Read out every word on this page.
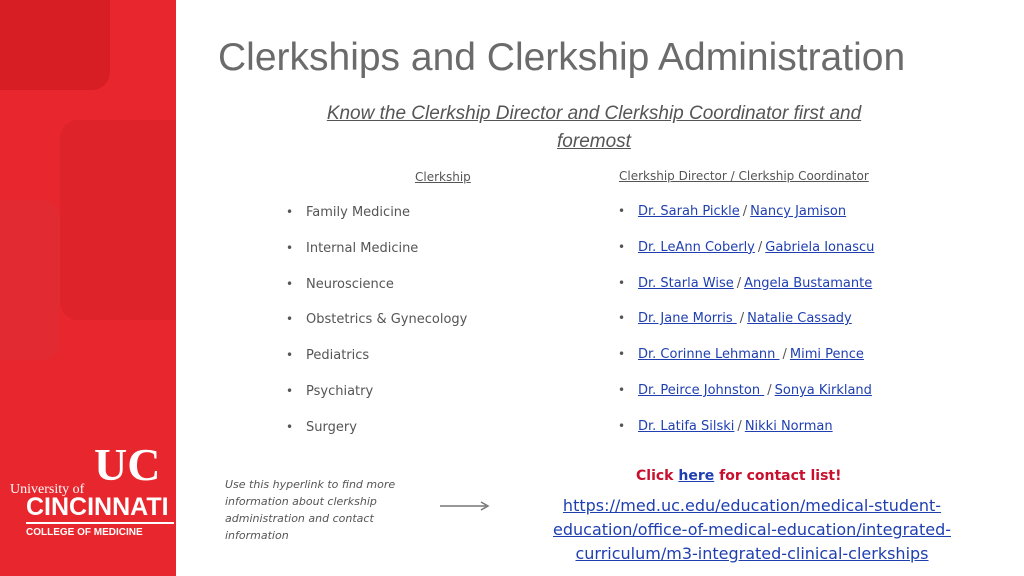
UC
University of
CINCINNATI
COLLEGE OF MEDICINE
Clerkships and Clerkship Administration
Know the Clerkship Director and Clerkship Coordinator first and foremost
Clerkship	Clerkship Director / Clerkship Coordinator
• Family Medicine
• Internal Medicine
• Neuroscience
• Obstetrics & Gynecology
• Pediatrics
• Psychiatry
• Surgery
• Dr. Sarah Pickle / Nancy Jamison
• Dr. LeAnn Coberly / Gabriela Ionascu
• Dr. Starla Wise / Angela Bustamante
• Dr. Jane Morris / Natalie Cassady
• Dr. Corinne Lehmann / Mimi Pence
• Dr. Peirce Johnston / Sonya Kirkland
• Dr. Latifa Silski / Nikki Norman
Use this hyperlink to find more information about clerkship administration and contact information
Click here for contact list!
https://med.uc.edu/education/medical-student-education/office-of-medical-education/integrated-curriculum/m3-integrated-clinical-clerkships
